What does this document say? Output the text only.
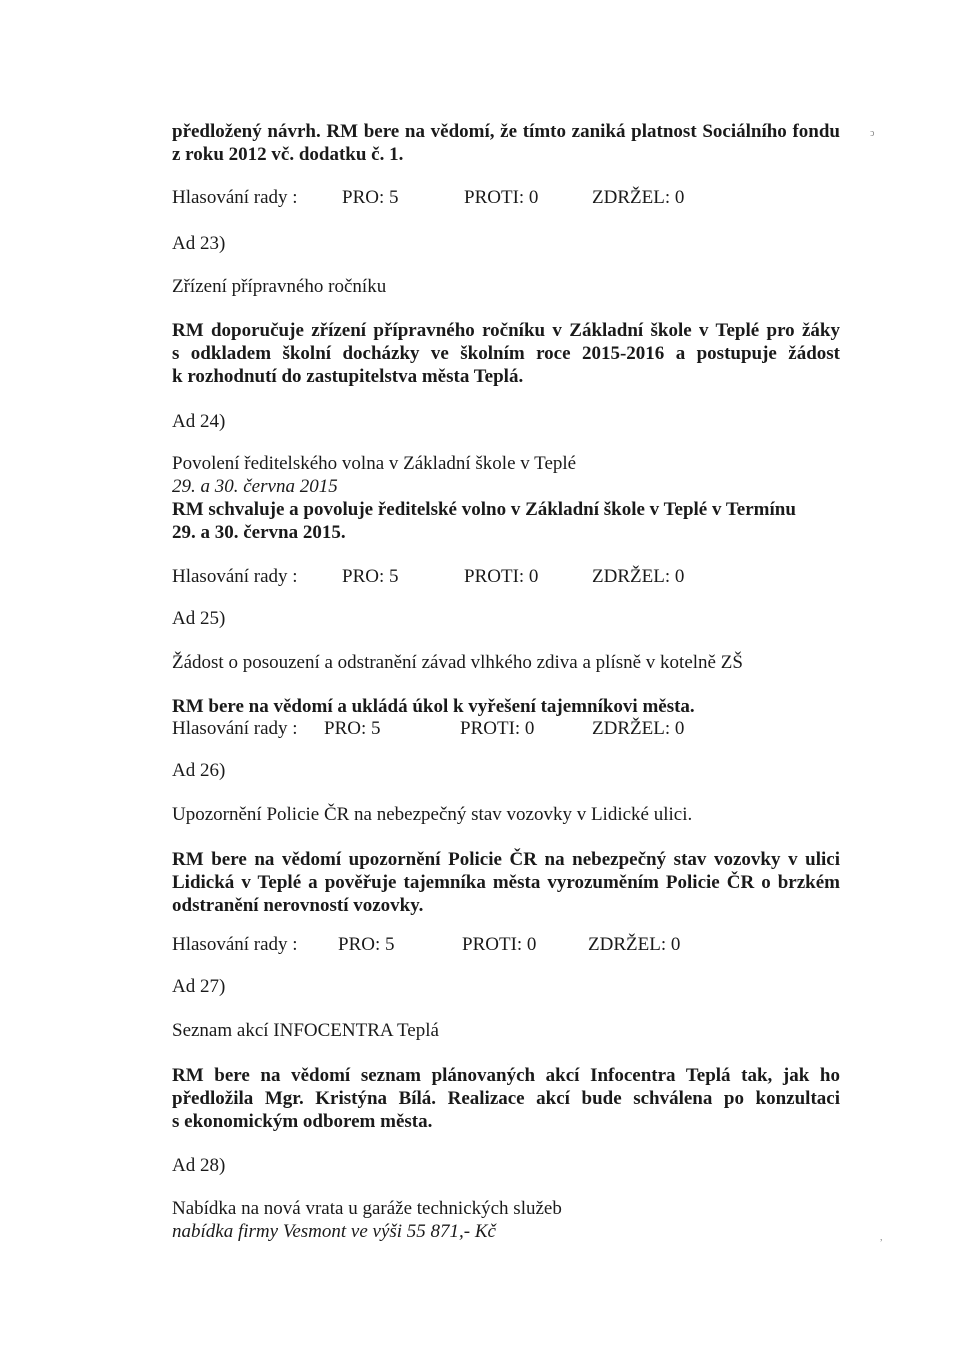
předložený návrh. RM bere na vědomí, že tímto zaniká platnost Sociálního fondu
z roku 2012 vč. dodatku č. 1.
ↄ
Hlasování rady : PRO: 5	PROTI: 0	ZDRŽEL: 0
Ad 23)
Zřízení přípravného ročníku
RM doporučuje zřízení přípravného ročníku v Základní škole v Teplé pro žáky
s odkladem školní docházky ve školním roce 2015-2016 a postupuje žádost
k rozhodnutí do zastupitelstva města Teplá.
Ad 24)
Povolení ředitelského volna v Základní škole v Teplé
29. a 30. června 2015
RM schvaluje a povoluje ředitelské volno v Základní škole v Teplé v Termínu
29. a 30. června 2015.
Hlasování rady : PRO: 5	PROTI: 0	ZDRŽEL: 0
Ad 25)
Žádost o posouzení a odstranění závad vlhkého zdiva a plísně v kotelně ZŠ
RM bere na vědomí a ukládá úkol k vyřešení tajemníkovi města.
Hlasování rady : PRO: 5	PROTI: 0	ZDRŽEL: 0
Ad 26)
Upozornění Policie ČR na nebezpečný stav vozovky v Lidické ulici.
RM bere na vědomí upozornění Policie ČR na nebezpečný stav vozovky v ulici
Lidická v Teplé a pověřuje tajemníka města vyrozuměním Policie ČR o brzkém
odstranění nerovností vozovky.
Hlasování rady : PRO: 5	PROTI: 0	ZDRŽEL: 0
Ad 27)
Seznam akcí INFOCENTRA Teplá
RM bere na vědomí seznam plánovaných akcí Infocentra Teplá tak, jak ho
předložila Mgr. Kristýna Bílá. Realizace akcí bude schválena po konzultaci
s ekonomickým odborem města.
Ad 28)
Nabídka na nová vrata u garáže technických služeb
nabídka firmy Vesmont ve výši 55 871,- Kč	,
